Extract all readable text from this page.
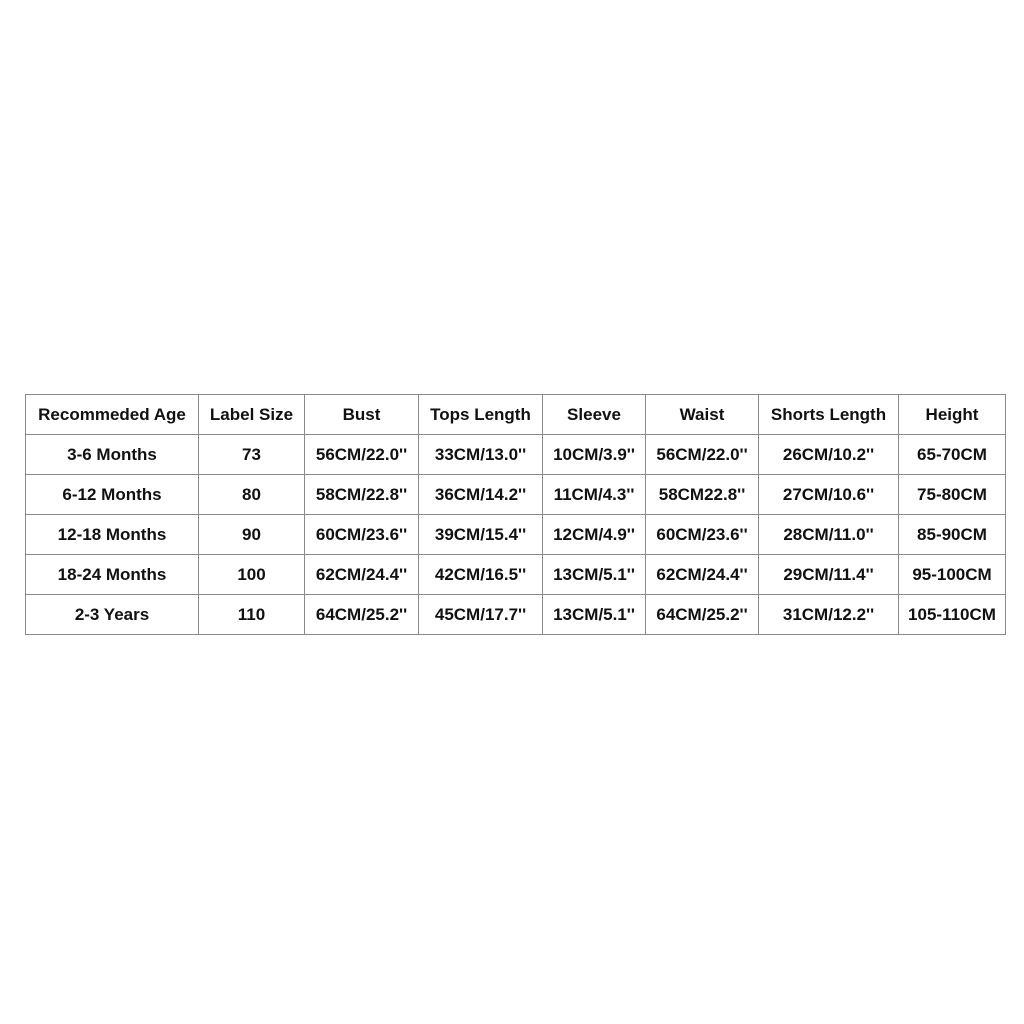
Recommeded Age	Label Size	Bust	Tops Length	Sleeve	Waist	Shorts Length	Height
3-6 Months	73	56CM/22.0''	33CM/13.0''	10CM/3.9''	56CM/22.0''	26CM/10.2''	65-70CM
6-12 Months	80	58CM/22.8''	36CM/14.2''	11CM/4.3''	58CM22.8''	27CM/10.6''	75-80CM
12-18 Months	90	60CM/23.6''	39CM/15.4''	12CM/4.9''	60CM/23.6''	28CM/11.0''	85-90CM
18-24 Months	100	62CM/24.4''	42CM/16.5''	13CM/5.1''	62CM/24.4''	29CM/11.4''	95-100CM
2-3 Years	110	64CM/25.2''	45CM/17.7''	13CM/5.1''	64CM/25.2''	31CM/12.2''	105-110CM
